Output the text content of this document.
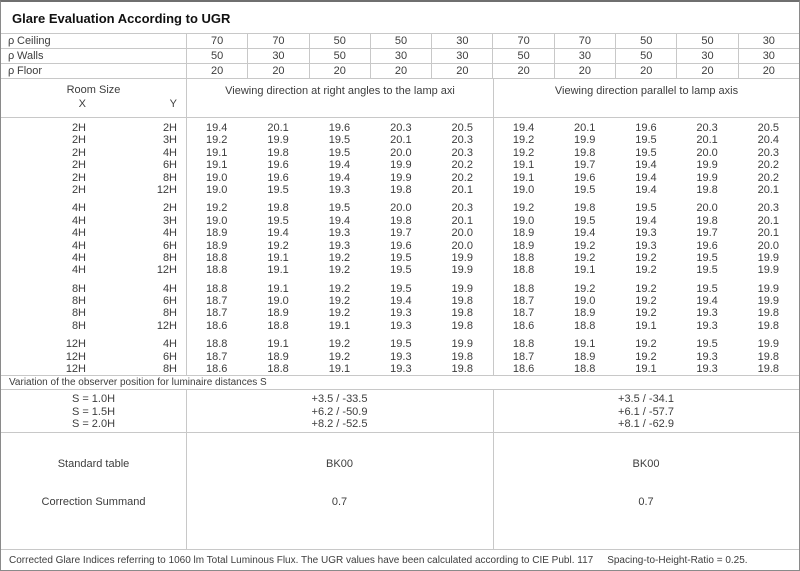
Glare Evaluation According to UGR
ρ Ceiling	70	70	50	50	30	70	70	50	50	30
ρ Walls	50	30	50	30	30	50	30	50	30	30
ρ Floor	20	20	20	20	20	20	20	20	20	20
Room Size
X	Y
Viewing direction at right angles to the lamp axi	Viewing direction parallel to lamp axis
2H	2H	19.4	20.1	19.6	20.3	20.5	19.4	20.1	19.6	20.3	20.5
2H	3H	19.2	19.9	19.5	20.1	20.3	19.2	19.9	19.5	20.1	20.4
2H	4H	19.1	19.8	19.5	20.0	20.3	19.2	19.8	19.5	20.0	20.3
2H	6H	19.1	19.6	19.4	19.9	20.2	19.1	19.7	19.4	19.9	20.2
2H	8H	19.0	19.6	19.4	19.9	20.2	19.1	19.6	19.4	19.9	20.2
2H	12H	19.0	19.5	19.3	19.8	20.1	19.0	19.5	19.4	19.8	20.1
4H	2H	19.2	19.8	19.5	20.0	20.3	19.2	19.8	19.5	20.0	20.3
4H	3H	19.0	19.5	19.4	19.8	20.1	19.0	19.5	19.4	19.8	20.1
4H	4H	18.9	19.4	19.3	19.7	20.0	18.9	19.4	19.3	19.7	20.1
4H	6H	18.9	19.2	19.3	19.6	20.0	18.9	19.2	19.3	19.6	20.0
4H	8H	18.8	19.1	19.2	19.5	19.9	18.8	19.2	19.2	19.5	19.9
4H	12H	18.8	19.1	19.2	19.5	19.9	18.8	19.1	19.2	19.5	19.9
8H	4H	18.8	19.1	19.2	19.5	19.9	18.8	19.2	19.2	19.5	19.9
8H	6H	18.7	19.0	19.2	19.4	19.8	18.7	19.0	19.2	19.4	19.9
8H	8H	18.7	18.9	19.2	19.3	19.8	18.7	18.9	19.2	19.3	19.8
8H	12H	18.6	18.8	19.1	19.3	19.8	18.6	18.8	19.1	19.3	19.8
12H	4H	18.8	19.1	19.2	19.5	19.9	18.8	19.1	19.2	19.5	19.9
12H	6H	18.7	18.9	19.2	19.3	19.8	18.7	18.9	19.2	19.3	19.8
12H	8H	18.6	18.8	19.1	19.3	19.8	18.6	18.8	19.1	19.3	19.8
Variation of the observer position for luminaire distances S
S = 1.0H	+3.5 / -33.5	+3.5 / -34.1
S = 1.5H	+6.2 / -50.9	+6.1 / -57.7
S = 2.0H	+8.2 / -52.5	+8.1 / -62.9
Standard table	BK00	BK00
Correction Summand	0.7	0.7
Corrected Glare Indices referring to 1060 lm Total Luminous Flux. The UGR values have been calculated according to CIE Publ. 117 Spacing-to-Height-Ratio = 0.25.
